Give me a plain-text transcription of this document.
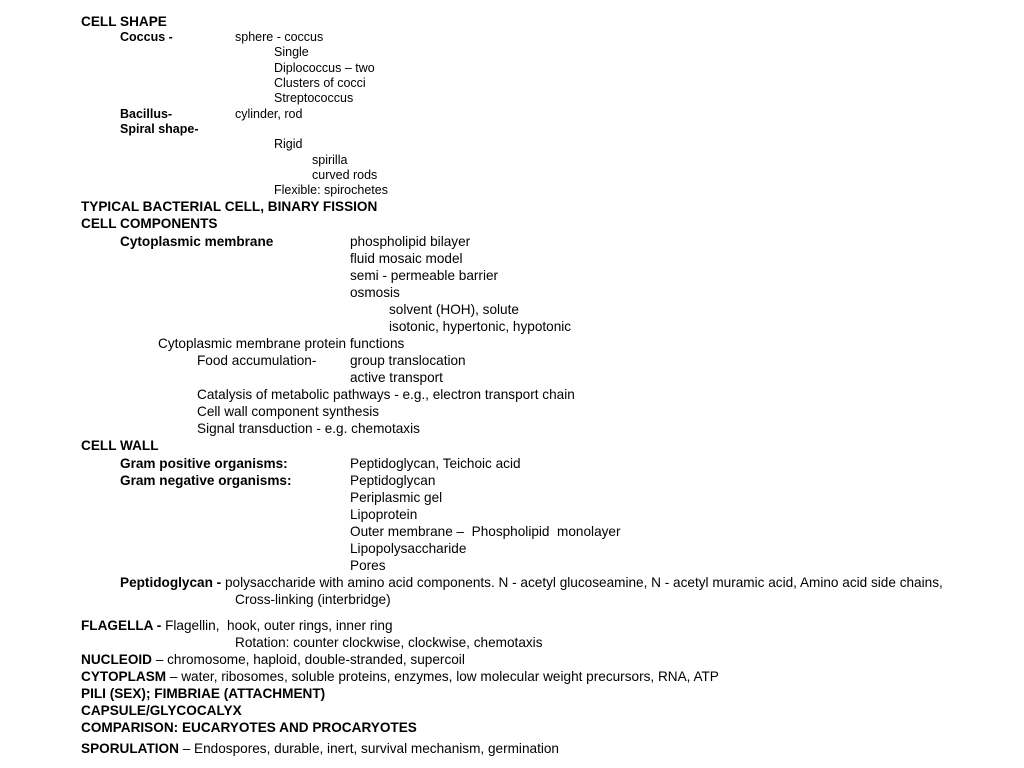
CELL SHAPE
Coccus -	sphere - coccus
Single
Diplococcus – two
Clusters of cocci
Streptococcus
Bacillus-	cylinder, rod
Spiral shape-
Rigid
spirilla
curved rods
Flexible: spirochetes
TYPICAL BACTERIAL CELL, BINARY FISSION
CELL COMPONENTS
Cytoplasmic membrane	phospholipid bilayer
fluid mosaic model
semi - permeable barrier
osmosis
solvent (HOH), solute
isotonic, hypertonic, hypotonic
Cytoplasmic membrane protein functions
Food accumulation- group translocation
active transport
Catalysis of metabolic pathways - e.g., electron transport chain
Cell wall component synthesis
Signal transduction - e.g. chemotaxis
CELL WALL
Gram positive organisms:	Peptidoglycan, Teichoic acid
Gram negative organisms:	Peptidoglycan
Periplasmic gel
Lipoprotein
Outer membrane –  Phospholipid  monolayer
Lipopolysaccharide
Pores
Peptidoglycan - polysaccharide with amino acid components. N - acetyl glucoseamine, N - acetyl muramic acid, Amino acid side chains,
Cross-linking (interbridge)
FLAGELLA - Flagellin,  hook, outer rings, inner ring
Rotation: counter clockwise, clockwise, chemotaxis
NUCLEOID – chromosome, haploid, double-stranded, supercoil
CYTOPLASM – water, ribosomes, soluble proteins, enzymes, low molecular weight precursors, RNA, ATP
PILI (SEX); FIMBRIAE (ATTACHMENT)
CAPSULE/GLYCOCALYX
COMPARISON: EUCARYOTES AND PROCARYOTES
SPORULATION – Endospores, durable, inert, survival mechanism, germination
